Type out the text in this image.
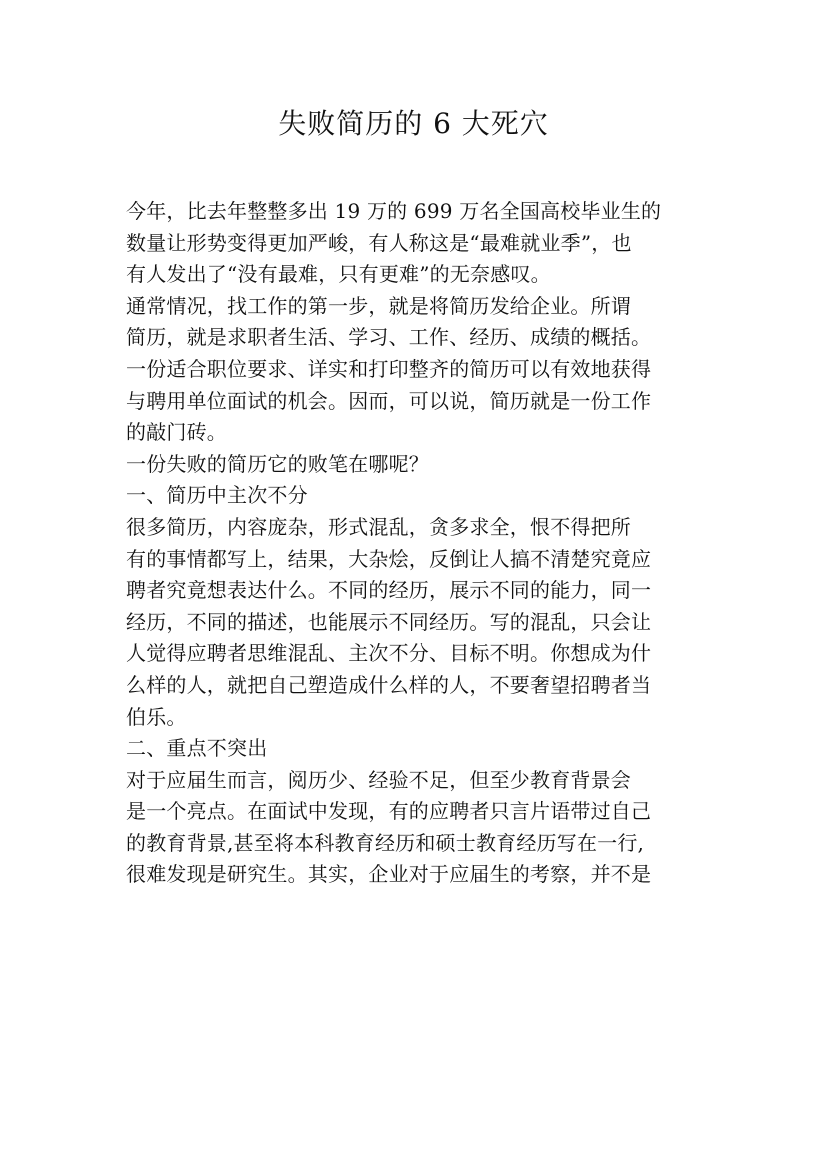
失败简历的 6 大死穴
今年，比去年整整多出 19 万的 699 万名全国高校毕业生的
数量让形势变得更加严峻，有人称这是“最难就业季”，也
有人发出了“没有最难，只有更难”的无奈感叹。
通常情况，找工作的第一步，就是将简历发给企业。所谓
简历，就是求职者生活、学习、工作、经历、成绩的概括。
一份适合职位要求、详实和打印整齐的简历可以有效地获得
与聘用单位面试的机会。因而，可以说，简历就是一份工作
的敲门砖。
一份失败的简历它的败笔在哪呢？
一、简历中主次不分
很多简历，内容庞杂，形式混乱，贪多求全，恨不得把所
有的事情都写上，结果，大杂烩，反倒让人搞不清楚究竟应
聘者究竟想表达什么。不同的经历，展示不同的能力，同一
经历，不同的描述，也能展示不同经历。写的混乱，只会让
人觉得应聘者思维混乱、主次不分、目标不明。你想成为什
么样的人，就把自己塑造成什么样的人，不要奢望招聘者当
伯乐。
二、重点不突出
对于应届生而言，阅历少、经验不足，但至少教育背景会
是一个亮点。在面试中发现，有的应聘者只言片语带过自己
的教育背景,甚至将本科教育经历和硕士教育经历写在一行,
很难发现是研究生。其实，企业对于应届生的考察，并不是
